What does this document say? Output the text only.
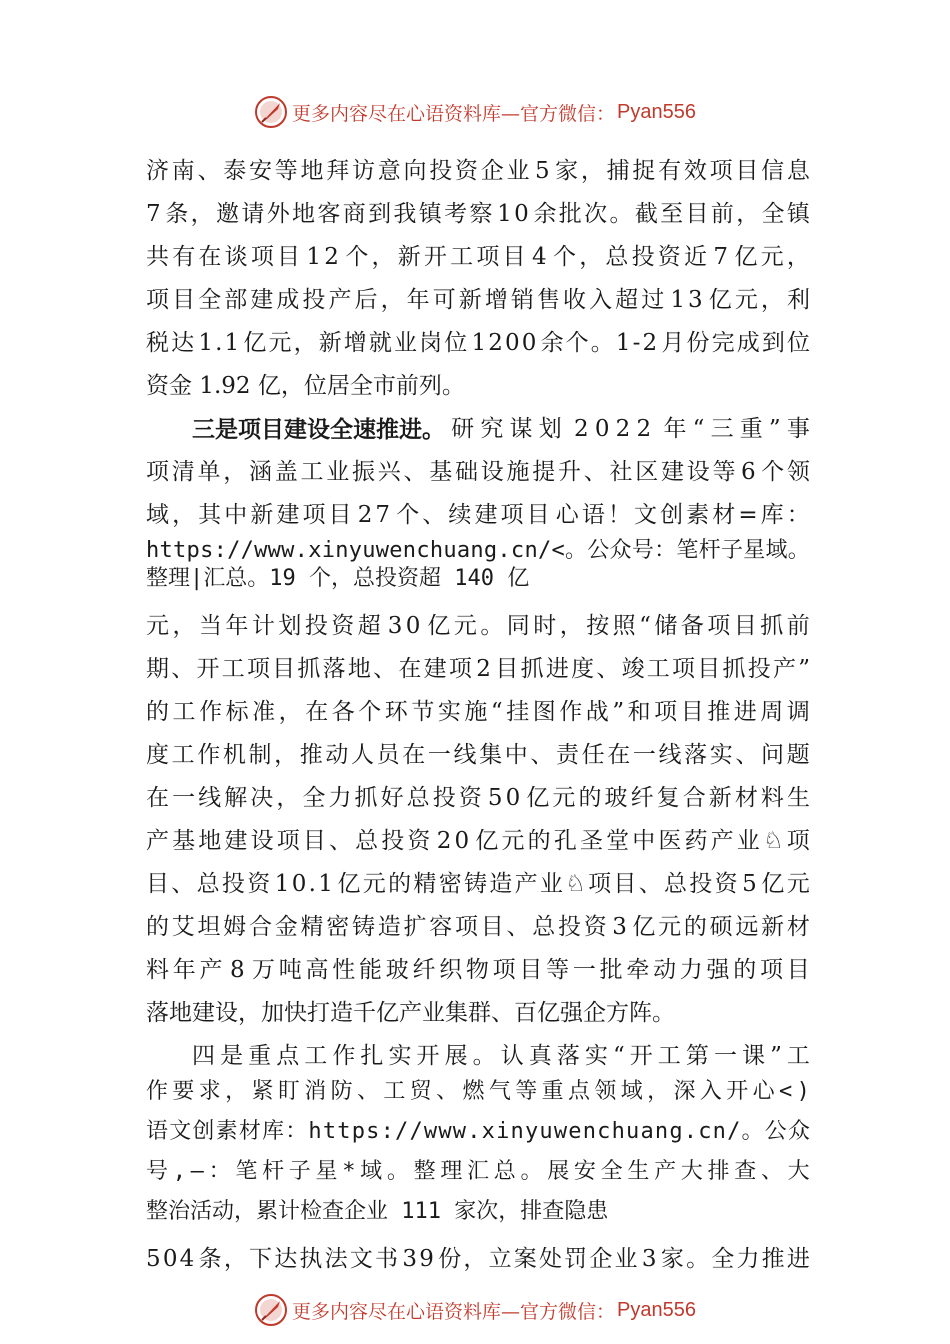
更多内容尽在心语资料库 —官方微信： Pyan556
济 南 、 泰 安 等 地 拜 访 意 向 投 资 企 业 5 家 ， 捕 捉 有 效 项 目 信 息
7 条 ， 邀 请 外 地 客 商 到 我 镇 考 察 1 0 余 批 次 。 截 至 目 前 ， 全 镇
共 有 在 谈 项 目 1 2 个 ， 新 开 工 项 目 4 个 ， 总 投 资 近 7 亿 元 ，
项 目 全 部 建 成 投 产 后 ， 年 可 新 增 销 售 收 入 超 过 1 3 亿 元 ， 利
税 达 1 . 1 亿 元 ， 新 增 就 业 岗 位 1 2 0 0 余 个 。 1 - 2 月 份 完 成 到 位
资金 1.92 亿，位居全市前列。
三是项目建设全速推进。 研 究 谋 划 2 0 2 2 年 “ 三 重 ” 事
项 清 单 ， 涵 盖 工 业 振 兴 、 基 础 设 施 提 升 、 社 区 建 设 等 6 个 领
域 ， 其 中 新 建 项 目 2 7 个 、 续 建 项 目 心 语 ！ 文 创 素 材 = 库 ：
h t t p s : / / w w w . x i n y u w e n c h u a n g . c n / < 。 公 众 号 ： 笔 杆 子 星 域 。
整理|汇总。19 个，总投资超 140 亿
元 ， 当 年 计 划 投 资 超 3 0 亿 元 。 同 时 ， 按 照 “ 储 备 项 目 抓 前
期 、 开 工 项 目 抓 落 地 、 在 建 项 2 目 抓 进 度 、 竣 工 项 目 抓 投 产 ”
的 工 作 标 准 ， 在 各 个 环 节 实 施 “ 挂 图 作 战 ” 和 项 目 推 进 周 调
度 工 作 机 制 ， 推 动 人 员 在 一 线 集 中 、 责 任 在 一 线 落 实 、 问 题
在 一 线 解 决 ， 全 力 抓 好 总 投 资 5 0 亿 元 的 玻 纤 复 合 新 材 料 生
产 基 地 建 设 项 目 、 总 投 资 2 0 亿 元 的 孔 圣 堂 中 医 药 产 业 ♘ 项
目 、 总 投 资 1 0 . 1 亿 元 的 精 密 铸 造 产 业 ♘ 项 目 、 总 投 资 5 亿 元
的 艾 坦 姆 合 金 精 密 铸 造 扩 容 项 目 、 总 投 资 3 亿 元 的 硕 远 新 材
料 年 产 8 万 吨 高 性 能 玻 纤 织 物 项 目 等 一 批 牵 动 力 强 的 项 目
落地建设，加快打造千亿产业集群、百亿强企方阵。
四 是 重 点 工 作 扎 实 开 展 。 认 真 落 实 “ 开 工 第 一 课 ” 工
作 要 求 ， 紧 盯 消 防 、 工 贸 、 燃 气 等 重 点 领 域 ， 深 入 开 心 < )
语 文 创 素 材 库 ： h t t p s : / / w w w . x i n y u w e n c h u a n g . c n / 。 公 众
号 , — ： 笔 杆 子 星 * 域 。 整 理 汇 总 。 展 安 全 生 产 大 排 查 、 大
整治活动，累计检查企业 111 家次，排查隐患
5 0 4 条 ， 下 达 执 法 文 书 3 9 份 ， 立 案 处 罚 企 业 3 家 。 全 力 推 进
更多内容尽在心语资料库 —官方微信： Pyan556
